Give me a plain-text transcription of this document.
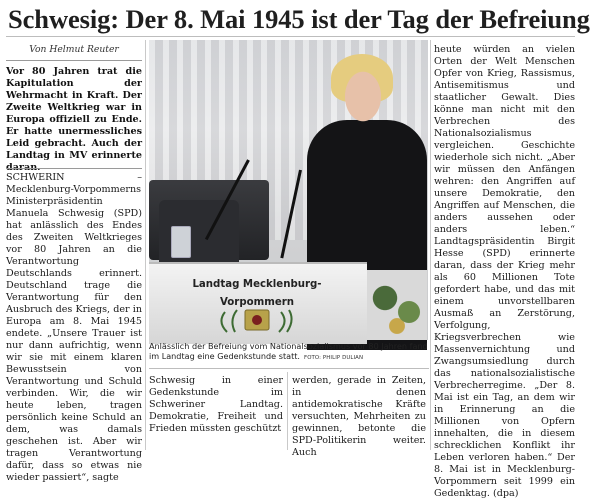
Schwesig: Der 8. Mai 1945 ist der Tag der Befreiung
Von Helmut Reuter
Vor 80 Jahren trat die Kapitulation der Wehrmacht in Kraft. Der Zweite Weltkrieg war in Europa offiziell zu Ende. Er hatte unermessliches Leid gebracht. Auch der Landtag in MV erinnerte

SCHWERIN – Mecklenburg-Vorpommerns Ministerpräsidentin Manuela Schwesig (SPD) hat anlässlich des Endes des Zweiten Weltkrieges vor 80 Jahren an die Verantwortung Deutschlands erinnert. Deutschland trage die Verantwortung für den Ausbruch des Kriegs, der in Europa am 8. Mai 1945 endete. „Unsere Trauer ist nur dann aufrichtig, wenn wir sie mit einem klaren Bewusstsein von Verantwortung und Schuld verbinden. Wir, die wir heute leben, tragen persönlich keine Schuld an dem, was damals geschehen ist. Aber wir tragen Verantwortung dafür, dass so etwas nie wieder passiert“, sagte

Landtag Mecklenburg-Vorpommern
Anlässlich der Befreiung vom Nationalsozialismus vor 80 Jahren fand im Landtag eine Gedenkstunde statt. FOTO: PHILIP DULIAN

Schwesig in einer Gedenkstunde im Schweriner Landtag. Demokratie, Freiheit und Frieden müssten geschützt

werden, gerade in Zeiten, in denen antidemokratische Kräfte versuchten, Mehrheiten zu gewinnen, betonte die SPD-Politikerin weiter. Auch

heute würden an vielen Orten der Welt Menschen Opfer von Krieg, Rassismus, Antisemitismus und staatlicher Gewalt. Dies könne man nicht mit den Verbrechen des Nationalsozialismus vergleichen. Geschichte wiederhole sich nicht. „Aber wir müssen den Anfängen wehren: den Angriffen auf unsere Demokratie, den Angriffen auf Menschen, die anders aussehen oder anders leben.“ Landtagspräsidentin Birgit Hesse (SPD) erinnerte daran, dass der Krieg mehr als 60 Millionen Tote gefordert habe, und das mit einem unvorstellbaren Ausmaß an Zerstörung, Verfolgung, Kriegsverbrechen wie Massenvernichtung und Zwangsumsiedlung durch das nationalsozialistische Verbrecherregime. „Der 8. Mai ist ein Tag, an dem wir in Erinnerung an die Millionen von Opfern innehalten, die in diesem schrecklichen Konflikt ihr Leben verloren haben.“ Der 8. Mai ist in Mecklenburg-Vorpommern seit 1999 ein Gedenktag. (dpa)
